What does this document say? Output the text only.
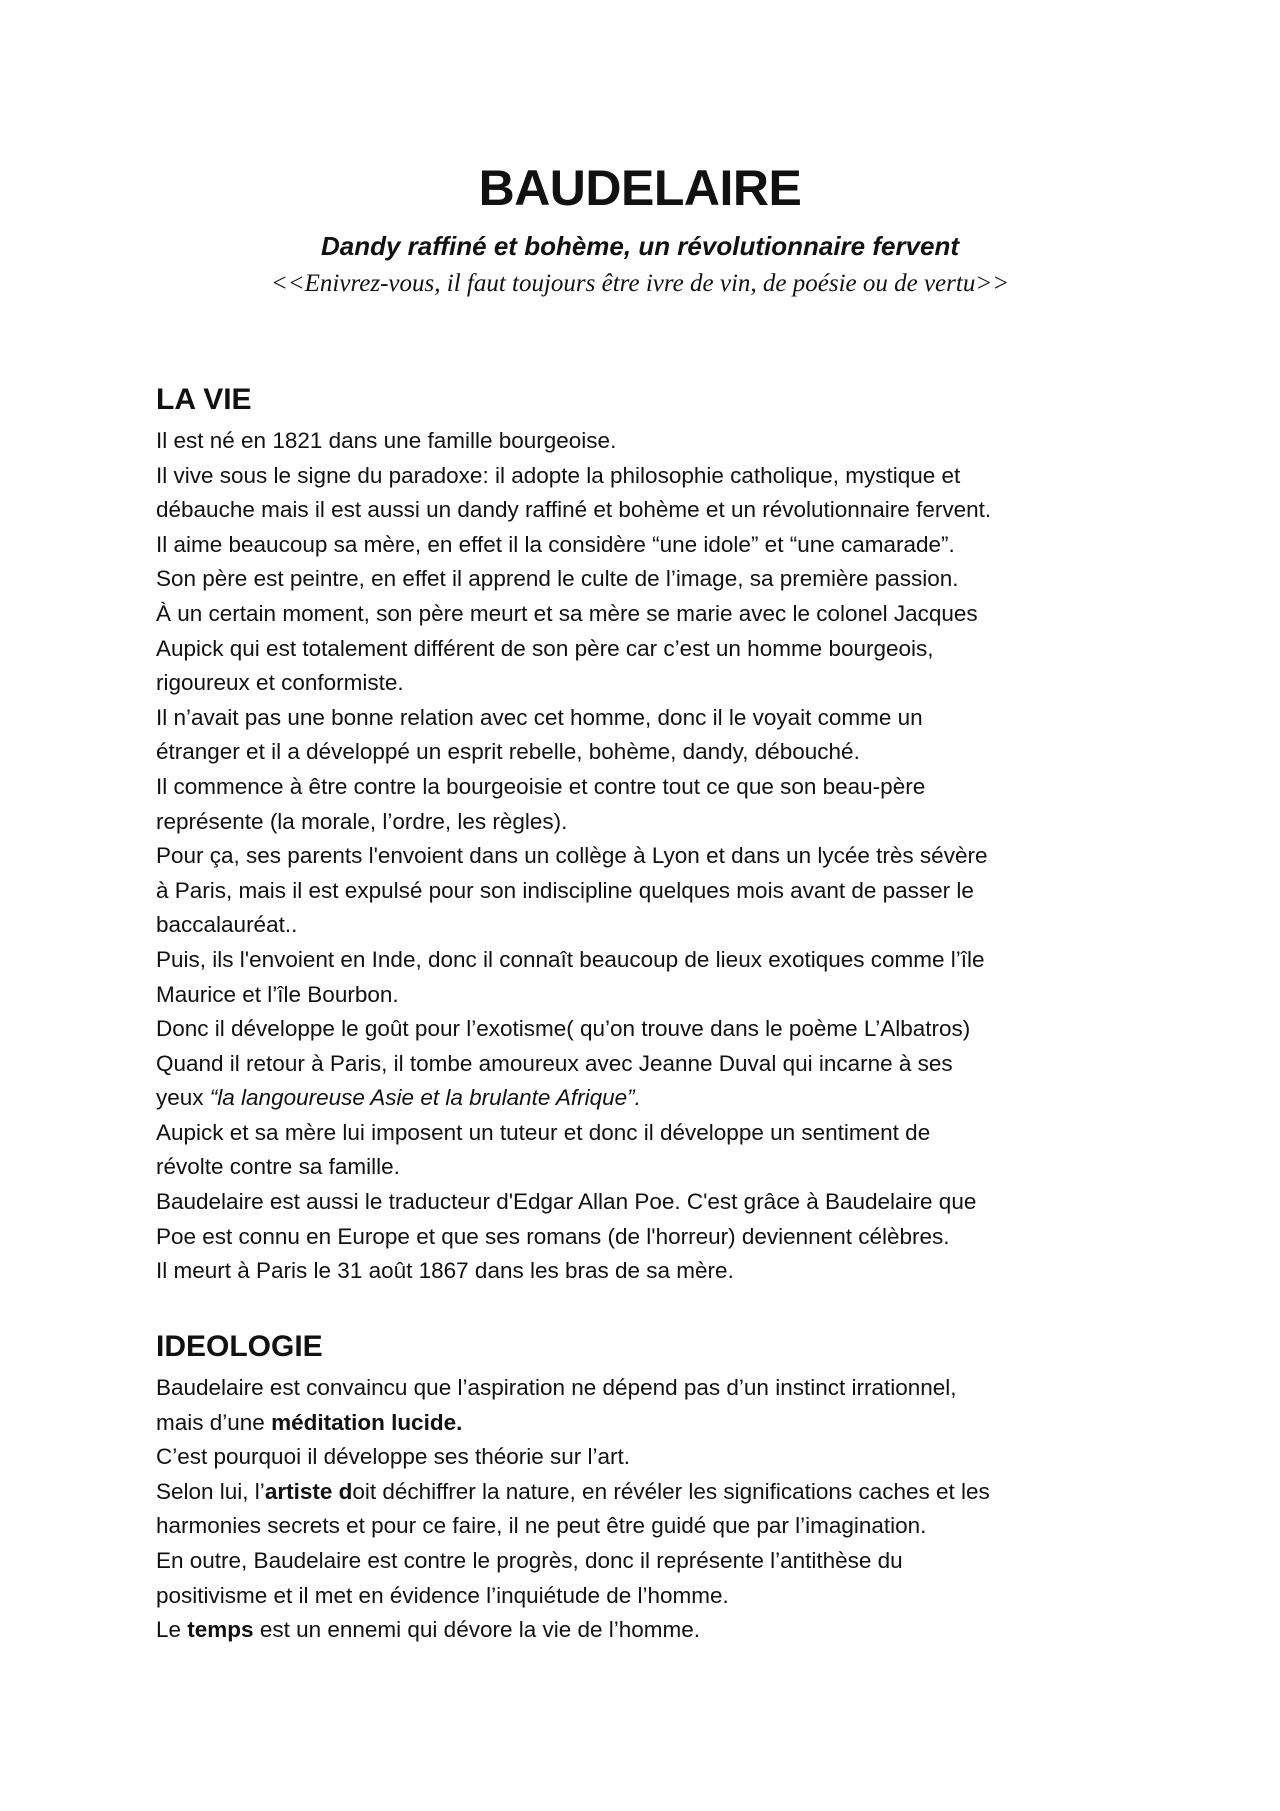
BAUDELAIRE

Dandy raffiné et bohème, un révolutionnaire fervent

<<Enivrez-vous, il faut toujours être ivre de vin, de poésie ou de vertu>>

LA VIE
Il est né en 1821 dans une famille bourgeoise.
Il vive sous le signe du paradoxe: il adopte la philosophie catholique, mystique et
débauche mais il est aussi un dandy raffiné et bohème et un révolutionnaire fervent.
Il aime beaucoup sa mère, en effet il la considère “une idole” et “une camarade”.
Son père est peintre, en effet il apprend le culte de l’image, sa première passion.
À un certain moment, son père meurt et sa mère se marie avec le colonel Jacques
Aupick qui est totalement différent de son père car c’est un homme bourgeois,
rigoureux et conformiste.
Il n’avait pas une bonne relation avec cet homme, donc il le voyait comme un
étranger et il a développé un esprit rebelle, bohème, dandy, débouché.
Il commence à être contre la bourgeoisie et contre tout ce que son beau-père
représente (la morale, l’ordre, les règles).
Pour ça, ses parents l'envoient dans un collège à Lyon et dans un lycée très sévère
à Paris, mais il est expulsé pour son indiscipline quelques mois avant de passer le
baccalauréat..
Puis, ils l'envoient en Inde, donc il connaît beaucoup de lieux exotiques comme l’île
Maurice et l’île Bourbon.
Donc il développe le goût pour l’exotisme( qu’on trouve dans le poème L’Albatros)
Quand il retour à Paris, il tombe amoureux avec Jeanne Duval qui incarne à ses
yeux “la langoureuse Asie et la brulante Afrique”.
Aupick et sa mère lui imposent un tuteur et donc il développe un sentiment de
révolte contre sa famille.
Baudelaire est aussi le traducteur d'Edgar Allan Poe. C'est grâce à Baudelaire que
Poe est connu en Europe et que ses romans (de l'horreur) deviennent célèbres.
Il meurt à Paris le 31 août 1867 dans les bras de sa mère.
IDEOLOGIE
Baudelaire est convaincu que l’aspiration ne dépend pas d’un instinct irrationnel,
mais d’une méditation lucide.
C’est pourquoi il développe ses théorie sur l’art.
Selon lui, l’artiste doit déchiffrer la nature, en révéler les significations caches et les
harmonies secrets et pour ce faire, il ne peut être guidé que par l’imagination.
En outre, Baudelaire est contre le progrès, donc il représente l’antithèse du
positivisme et il met en évidence l’inquiétude de l’homme.
Le temps est un ennemi qui dévore la vie de l’homme.
